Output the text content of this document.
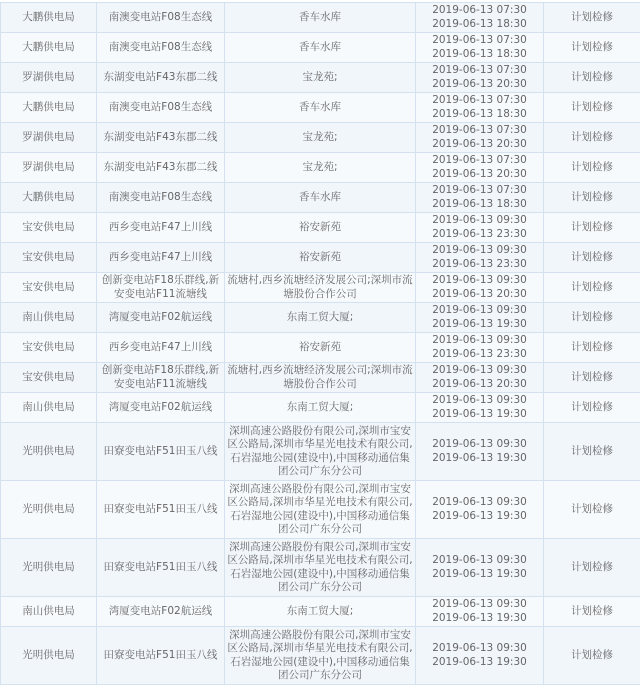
大鹏供电局	南澳变电站F08生态线	香车水库	2019-06-13 07:30
2019-06-13 18:30	计划检修
大鹏供电局	南澳变电站F08生态线	香车水库	2019-06-13 07:30
2019-06-13 18:30	计划检修
罗湖供电局	东湖变电站F43东郡二线	宝龙苑;	2019-06-13 07:30
2019-06-13 20:30	计划检修
大鹏供电局	南澳变电站F08生态线	香车水库	2019-06-13 07:30
2019-06-13 18:30	计划检修
罗湖供电局	东湖变电站F43东郡二线	宝龙苑;	2019-06-13 07:30
2019-06-13 20:30	计划检修
罗湖供电局	东湖变电站F43东郡二线	宝龙苑;	2019-06-13 07:30
2019-06-13 20:30	计划检修
大鹏供电局	南澳变电站F08生态线	香车水库	2019-06-13 07:30
2019-06-13 18:30	计划检修
宝安供电局	西乡变电站F47上川线	裕安新苑	2019-06-13 09:30
2019-06-13 23:30	计划检修
宝安供电局	西乡变电站F47上川线	裕安新苑	2019-06-13 09:30
2019-06-13 23:30	计划检修
宝安供电局	创新变电站F18乐群线,新安变电站F11流塘线	流塘村,西乡流塘经济发展公司;深圳市流塘股份合作公司	2019-06-13 09:30
2019-06-13 20:30	计划检修
南山供电局	湾厦变电站F02航运线	东南工贸大厦;	2019-06-13 09:30
2019-06-13 19:30	计划检修
宝安供电局	西乡变电站F47上川线	裕安新苑	2019-06-13 09:30
2019-06-13 23:30	计划检修
宝安供电局	创新变电站F18乐群线,新安变电站F11流塘线	流塘村,西乡流塘经济发展公司;深圳市流塘股份合作公司	2019-06-13 09:30
2019-06-13 20:30	计划检修
南山供电局	湾厦变电站F02航运线	东南工贸大厦;	2019-06-13 09:30
2019-06-13 19:30	计划检修
光明供电局	田寮变电站F51田玉八线	深圳高速公路股份有限公司,深圳市宝安区公路局,深圳市华星光电技术有限公司,石岩湿地公园(建设中),中国移动通信集团公司广东分公司	2019-06-13 09:30
2019-06-13 19:30	计划检修
光明供电局	田寮变电站F51田玉八线	深圳高速公路股份有限公司,深圳市宝安区公路局,深圳市华星光电技术有限公司,石岩湿地公园(建设中),中国移动通信集团公司广东分公司	2019-06-13 09:30
2019-06-13 19:30	计划检修
光明供电局	田寮变电站F51田玉八线	深圳高速公路股份有限公司,深圳市宝安区公路局,深圳市华星光电技术有限公司,石岩湿地公园(建设中),中国移动通信集团公司广东分公司	2019-06-13 09:30
2019-06-13 19:30	计划检修
南山供电局	湾厦变电站F02航运线	东南工贸大厦;	2019-06-13 09:30
2019-06-13 19:30	计划检修
光明供电局	田寮变电站F51田玉八线	深圳高速公路股份有限公司,深圳市宝安区公路局,深圳市华星光电技术有限公司,石岩湿地公园(建设中),中国移动通信集团公司广东分公司	2019-06-13 09:30
2019-06-13 19:30	计划检修
